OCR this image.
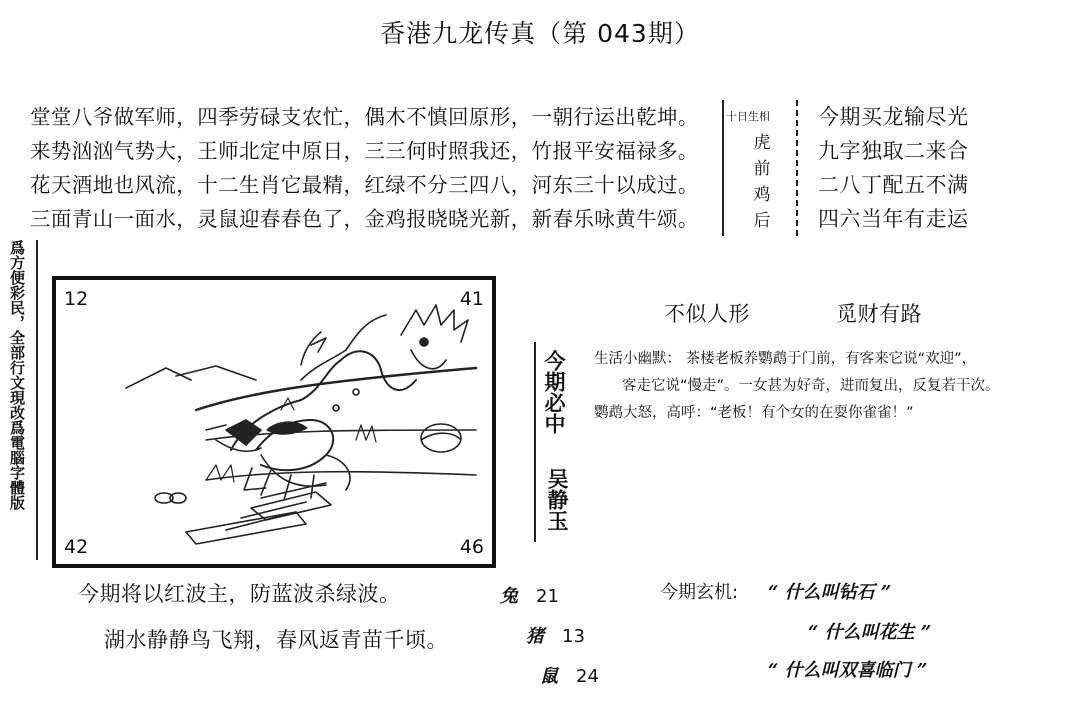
香港九龙传真（第 043期）
堂堂八爷做军师，四季劳碌支农忙，偶木不慎回原形，一朝行运出乾坤。
来势汹汹气势大，王师北定中原日，三三何时照我还，竹报平安福禄多。
花天酒地也风流，十二生肖它最精，红绿不分三四八，河东三十以成过。
三面青山一面水，灵鼠迎春春色了，金鸡报晓晓光新，新春乐咏黄牛颂。
十日生相
虎
前
鸡
后
今期买龙输尽光
九字独取二来合
二八丁配五不满
四六当年有走运
爲方便彩民，全部行文現改爲電腦字體版 12	41
42	46
今期必中
吴静玉
不似人形	觅财有路
生活小幽默： 茶楼老板养鹦鹉于门前，有客来它说“欢迎”，
客走它说“慢走”。一女甚为好奇，进而复出，反复若干次。
鹦鹉大怒，高呼：“老板！有个女的在耍你雀雀！”
今期将以红波主，防蓝波杀绿波。
湖水静静鸟飞翔，春风返青苗千顷。
兔 21
猪 13
鼠 24
今期玄机: “ 什么叫钻石 ”
“ 什么叫花生 ”
“ 什么叫双喜临门 ”
